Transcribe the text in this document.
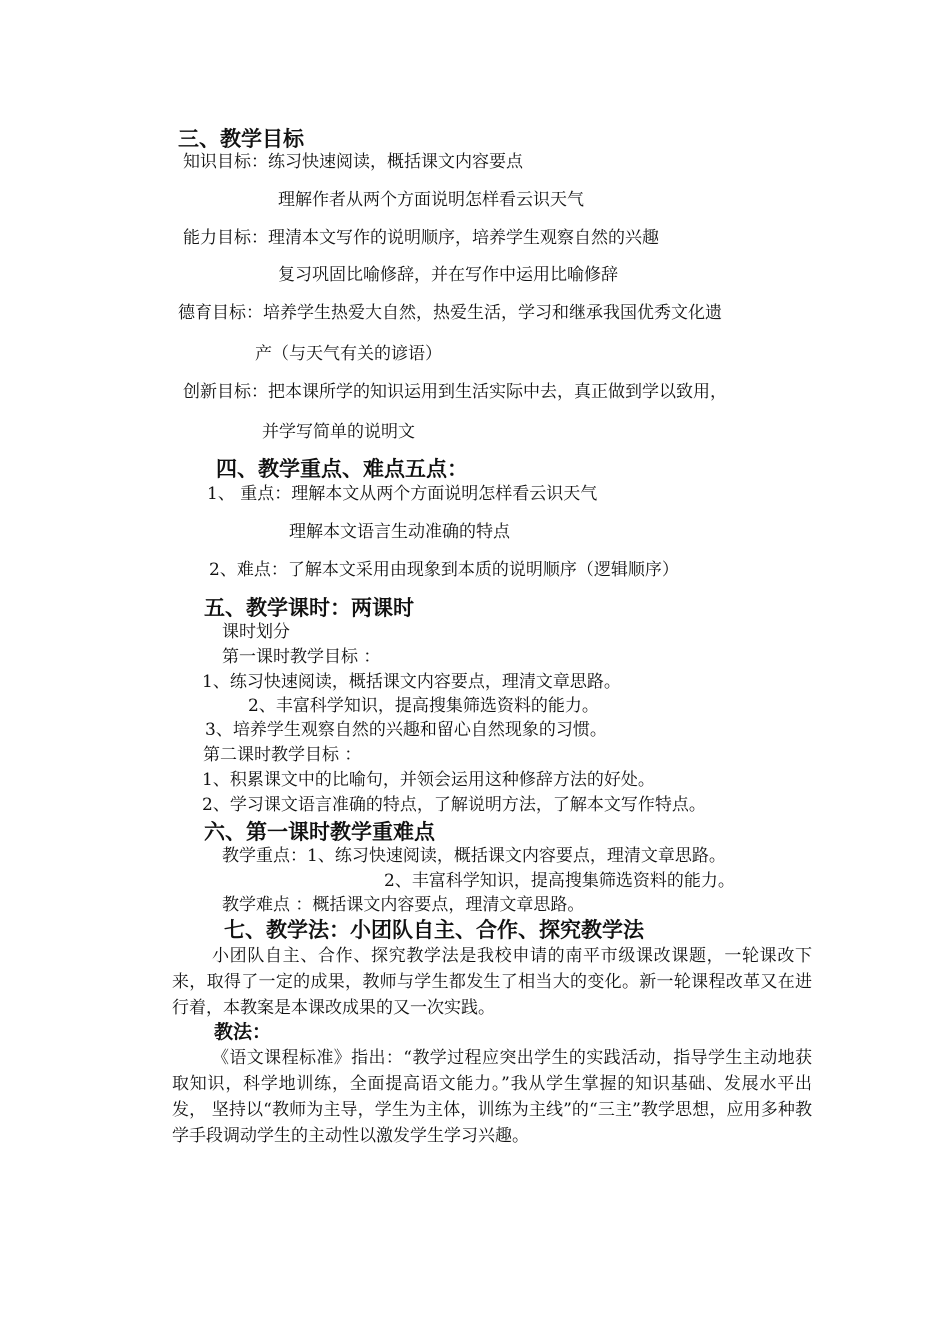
三、教学目标
知识目标：练习快速阅读，概括课文内容要点
理解作者从两个方面说明怎样看云识天气
能力目标：理清本文写作的说明顺序，培养学生观察自然的兴趣
复习巩固比喻修辞，并在写作中运用比喻修辞
德育目标：培养学生热爱大自然，热爱生活，学习和继承我国优秀文化遗
产（与天气有关的谚语）
创新目标：把本课所学的知识运用到生活实际中去，真正做到学以致用，
并学写简单的说明文
四、教学重点、难点五点：
1、 重点：理解本文从两个方面说明怎样看云识天气
理解本文语言生动准确的特点
2、难点：了解本文采用由现象到本质的说明顺序（逻辑顺序）
五、教学课时：两课时
课时划分
第一课时教学目标 ：
1、练习快速阅读，概括课文内容要点，理清文章思路。
2、丰富科学知识，提高搜集筛选资料的能力。
3、培养学生观察自然的兴趣和留心自然现象的习惯。
第二课时教学目标 ：
1、积累课文中的比喻句，并领会运用这种修辞方法的好处。
2、学习课文语言准确的特点，了解说明方法，了解本文写作特点。
六、第一课时教学重难点
教学重点：1、练习快速阅读，概括课文内容要点，理清文章思路。
2、丰富科学知识，提高搜集筛选资料的能力。
教学难点 ：概括课文内容要点，理清文章思路。
七、教学法：小团队自主、合作、探究教学法
小团队自主、合作、探究教学法是我校申请的南平市级课改课题，一轮课改下来，取得了一定的成果，教师与学生都发生了相当大的变化。新一轮课程改革又在进行着，本教案是本课改成果的又一次实践。
教法：
《语文课程标准》指出：“教学过程应突出学生的实践活动，指导学生主动地获取知识，科学地训练，全面提高语文能力。”我从学生掌握的知识基础、发展水平出发， 坚持以“教师为主导，学生为主体，训练为主线”的“三主”教学思想，应用多种教学手段调动学生的主动性以激发学生学习兴趣。
